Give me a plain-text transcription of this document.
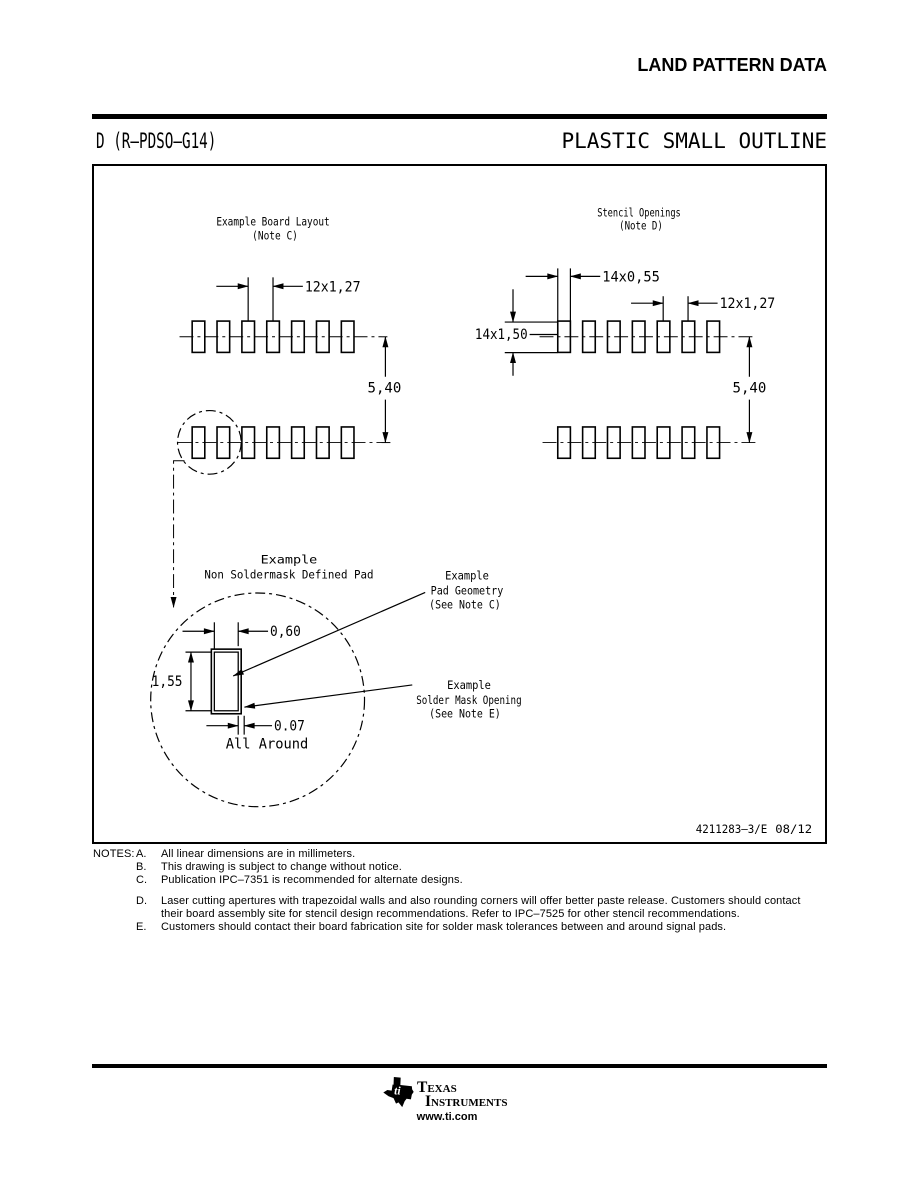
LAND PATTERN DATA
D (R–PDSO–G14)	PLASTIC SMALL OUTLINE
Example Board Layout
(Note C)
12x1,27
5,40
Stencil Openings
(Note D)
14x0,55
14x1,50
12x1,27
5,40
Example
Non Soldermask Defined Pad
0,60
1,55
0.07
All Around
Example
Pad Geometry
(See Note C)
Example
Solder Mask Opening
(See Note E)
4211283–3/E 08/12
NOTES: A.	All linear dimensions are in millimeters.
B.	This drawing is subject to change without notice.
C.	Publication IPC–7351 is recommended for alternate designs.
D.	Laser cutting apertures with trapezoidal walls and also rounding corners will offer better paste release. Customers should contact their board assembly site for stencil design recommendations. Refer to IPC–7525 for other stencil recommendations.
E.	Customers should contact their board fabrication site for solder mask tolerances between and around signal pads.
ti Texas
Instruments
www.ti.com
